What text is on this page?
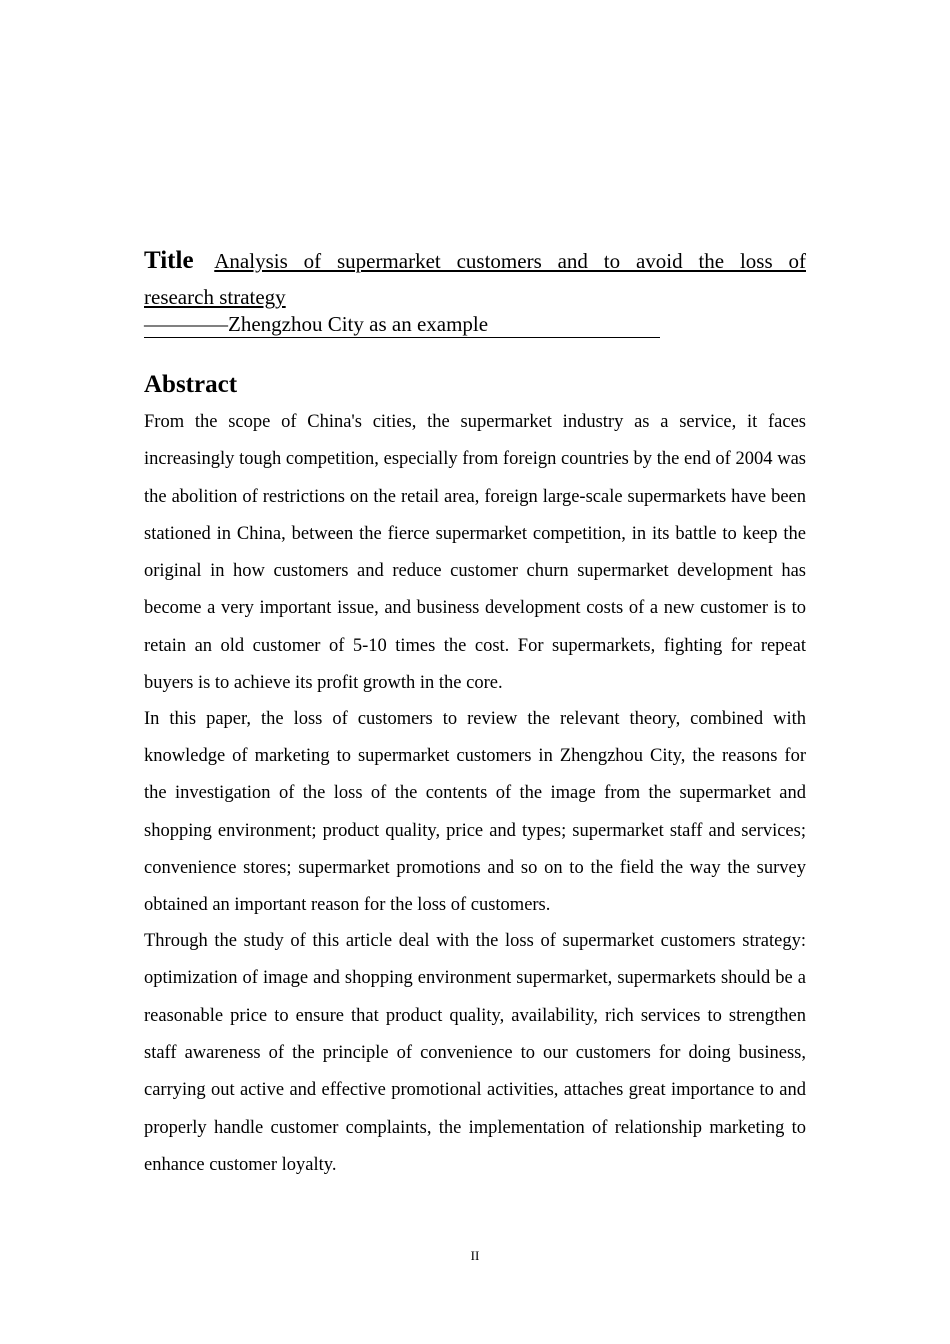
Title Analysis of supermarket customers and to avoid the loss of
research strategy
————Zhengzhou City as an example
Abstract

From the scope of China's cities, the supermarket industry as a service, it faces increasingly tough competition, especially from foreign countries by the end of 2004 was the abolition of restrictions on the retail area, foreign large-scale supermarkets have been stationed in China, between the fierce supermarket competition, in its battle to keep the original in how customers and reduce customer churn supermarket development has become a very important issue, and business development costs of a new customer is to retain an old customer of 5-10 times the cost. For supermarkets, fighting for repeat buyers is to achieve its profit growth in the core.

In this paper, the loss of customers to review the relevant theory, combined with knowledge of marketing to supermarket customers in Zhengzhou City, the reasons for the investigation of the loss of the contents of the image from the supermarket and shopping environment; product quality, price and types; supermarket staff and services; convenience stores; supermarket promotions and so on to the field the way the survey obtained an important reason for the loss of customers.

Through the study of this article deal with the loss of supermarket customers strategy: optimization of image and shopping environment supermarket, supermarkets should be a reasonable price to ensure that product quality, availability, rich services to strengthen staff awareness of the principle of convenience to our customers for doing business, carrying out active and effective promotional activities, attaches great importance to and properly handle customer complaints, the implementation of relationship marketing to enhance customer loyalty.

II
